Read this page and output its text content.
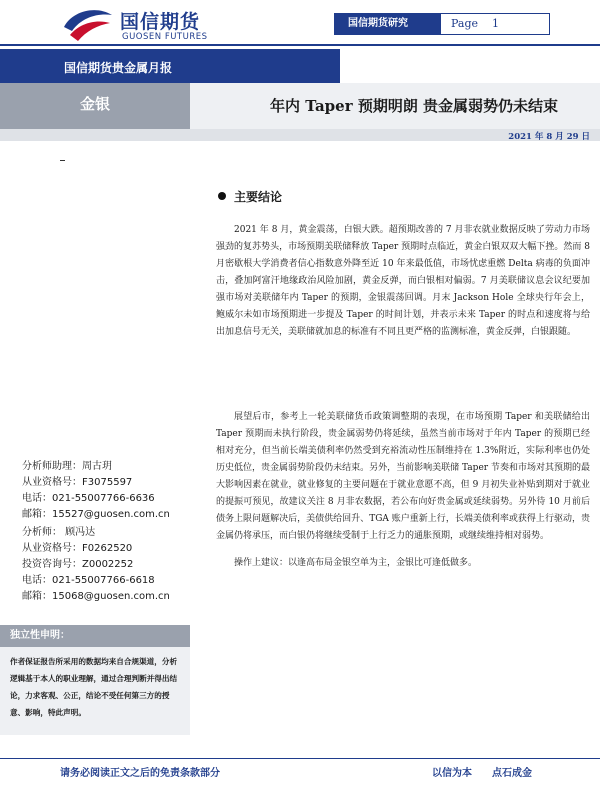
国信期货
GUOSEN FUTURES
国信期货研究	Page 1
国信期货贵金属月报
金银	年内 Taper 预期明朗 贵金属弱势仍未结束
2021 年 8 月 29 日
主要结论

2021 年 8 月，黄金震荡，白银大跌。超预期改善的 7 月非农就业数据反映了劳动力市场强劲的复苏势头，市场预期美联储释放 Taper 预期时点临近，黄金白银双双大幅下挫。然而 8 月密歇根大学消费者信心指数意外降至近 10 年来最低值，市场忧虑重燃 Delta 病毒的负面冲击，叠加阿富汗地缘政治风险加剧，黄金反弹，而白银相对偏弱。7 月美联储议息会议纪要加强市场对美联储年内 Taper 的预期，金银震荡回调。月末 Jackson Hole 全球央行年会上，鲍威尔未如市场预期进一步提及 Taper 的时间计划，并表示未来 Taper 的时点和速度将与给出加息信号无关，美联储就加息的标准有不同且更严格的监测标准，黄金反弹，白银跟随。

展望后市，参考上一轮美联储货币政策调整期的表现，在市场预期 Taper 和美联储给出 Taper 预期而未执行阶段，贵金属弱势仍将延续，虽然当前市场对于年内 Taper 的预期已经相对充分，但当前长端美债利率仍然受到充裕流动性压制维持在 1.3%附近，实际利率也仍处历史低位，贵金属弱势阶段仍未结束。另外，当前影响美联储 Taper 节奏和市场对其预期的最大影响因素在就业，就业修复的主要问题在于就业意愿不高，但 9 月初失业补贴到期对于就业的提振可预见，故建议关注 8 月非农数据，若公布向好贵金属或延续弱势。另外待 10 月前后债务上限问题解决后，美债供给回升、TGA 账户重新上行，长端美债利率或获得上行驱动，贵金属仍将承压，而白银仍将继续受制于上行乏力的通胀预期，或继续维持相对弱势。

操作上建议：以逢高布局金银空单为主，金银比可逢低做多。

分析师助理：周古玥
从业资格号：F3075597
电话：021-55007766-6636
邮箱：15527@guosen.com.cn
分析师： 顾冯达
从业资格号：F0262520
投资咨询号：Z0002252
电话：021-55007766-6618
邮箱：15068@guosen.com.cn
独立性申明：
作者保证报告所采用的数据均来自合规渠道，分析逻辑基于本人的职业理解，通过合理判断并得出结论，力求客观、公正，结论不受任何第三方的授意、影响，特此声明。
请务必阅读正文之后的免责条款部分	以信为本 点石成金
